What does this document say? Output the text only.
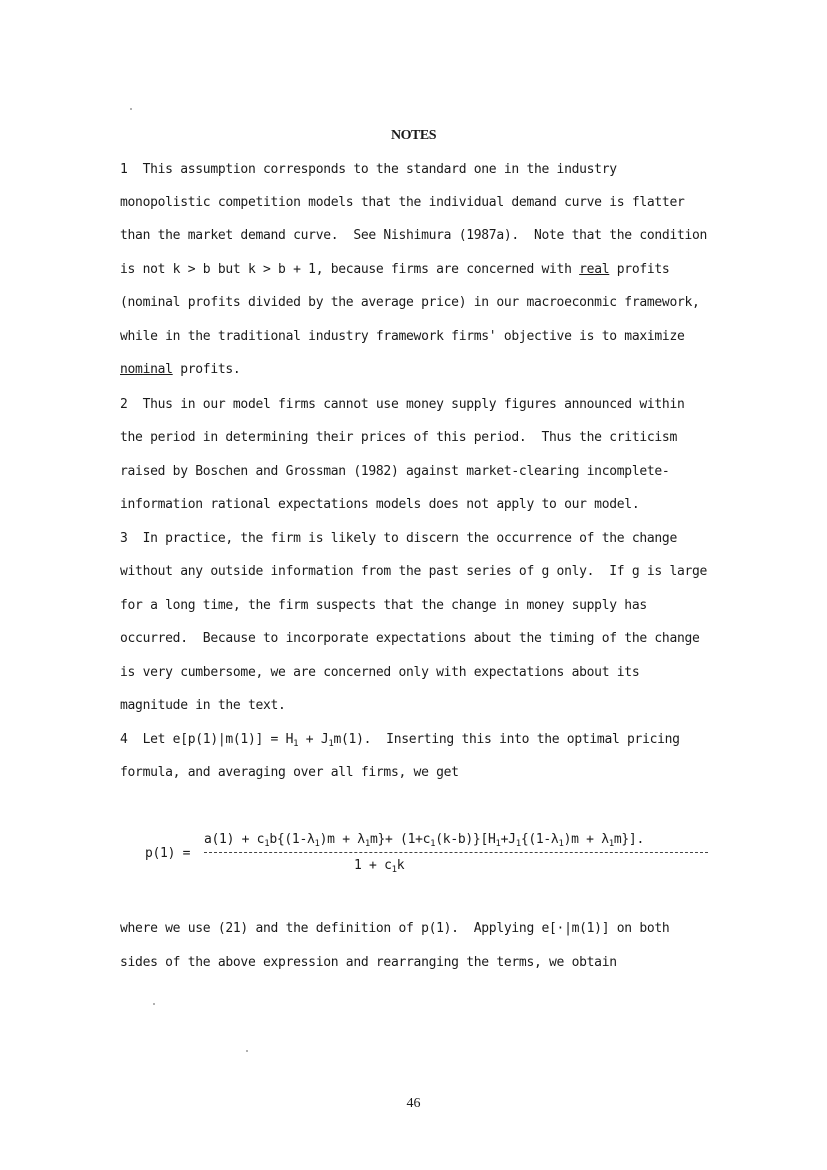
NOTES
1  This assumption corresponds to the standard one in the industry
monopolistic competition models that the individual demand curve is flatter
than the market demand curve.  See Nishimura (1987a).  Note that the condition
is not k > b but k > b + 1, because firms are concerned with real profits
(nominal profits divided by the average price) in our macroeconmic framework,
while in the traditional industry framework firms' objective is to maximize
nominal profits.
2  Thus in our model firms cannot use money supply figures announced within
the period in determining their prices of this period.  Thus the criticism
raised by Boschen and Grossman (1982) against market-clearing incomplete-
information rational expectations models does not apply to our model.
3  In practice, the firm is likely to discern the occurrence of the change
without any outside information from the past series of g only.  If g is large
for a long time, the firm suspects that the change in money supply has
occurred.  Because to incorporate expectations about the timing of the change
is very cumbersome, we are concerned only with expectations about its
magnitude in the text.
4  Let $e[p(1)|m(1)] = H_1 + J_1m(1)$.  Inserting this into the optimal pricing
formula, and averaging over all firms, we get
p(1) =
$a(1) + c_1b\{(1-\lambda_1)m + \lambda_1m\}+ (1+c_1(k-b)\}[H_1+J_1\{(1-\lambda_1)m + \lambda_1m\}]$.
$1 + c_1k$
where we use (21) and the definition of p(1).  Applying e[·|m(1)] on both
sides of the above expression and rearranging the terms, we obtain
46
